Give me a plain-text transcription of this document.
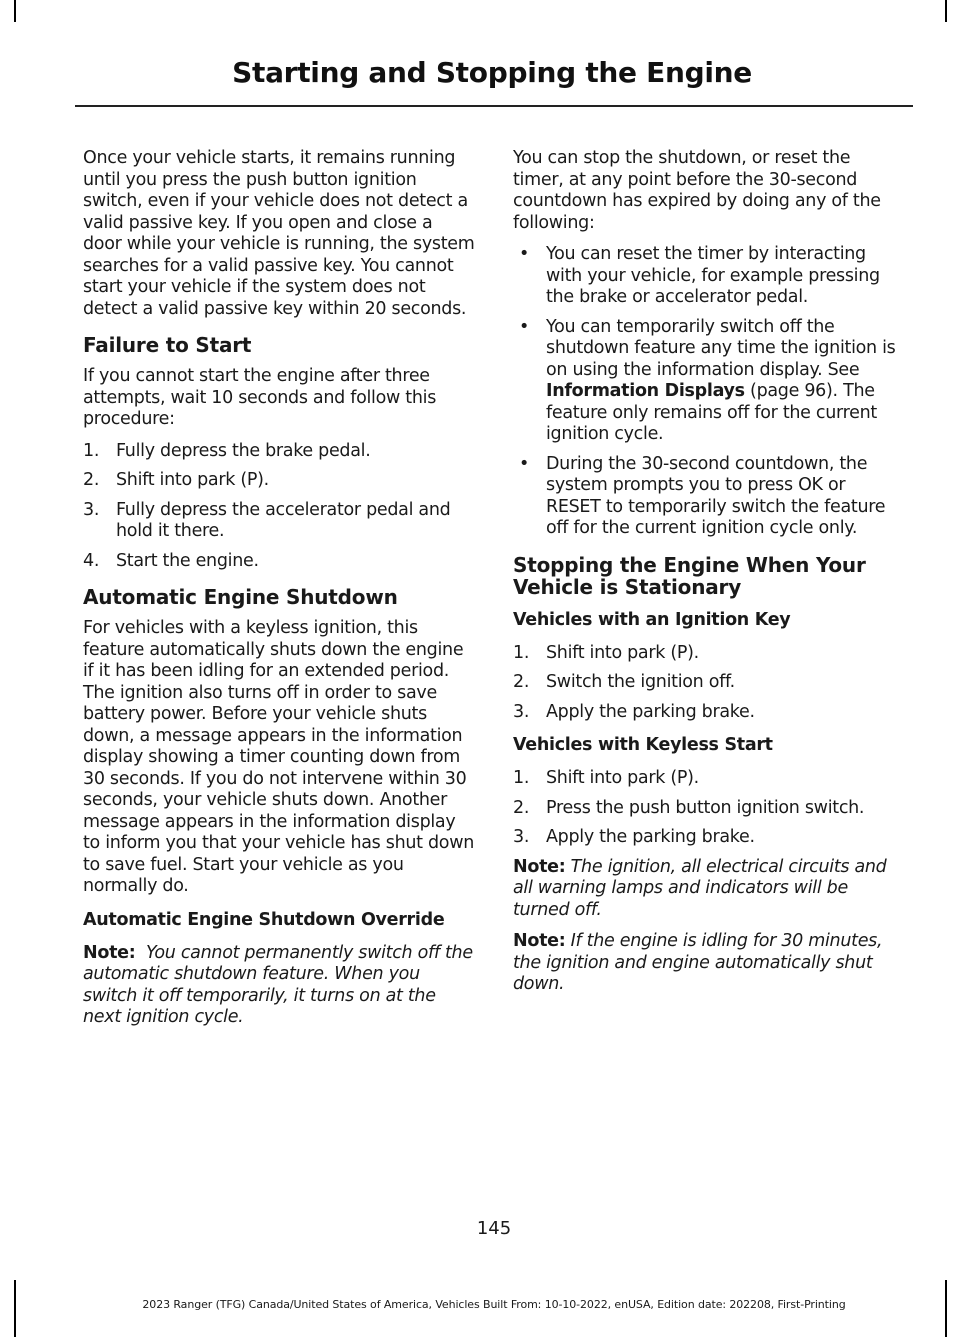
Starting and Stopping the Engine

Once your vehicle starts, it remains running until you press the push button ignition switch, even if your vehicle does not detect a valid passive key. If you open and close a door while your vehicle is running, the system searches for a valid passive key. You cannot start your vehicle if the system does not detect a valid passive key within 20 seconds.

Failure to Start

If you cannot start the engine after three attempts, wait 10 seconds and follow this procedure:

1. Fully depress the brake pedal.
2. Shift into park (P).
3. Fully depress the accelerator pedal and hold it there.
4. Start the engine.
Automatic Engine Shutdown

For vehicles with a keyless ignition, this feature automatically shuts down the engine if it has been idling for an extended period. The ignition also turns off in order to save battery power. Before your vehicle shuts down, a message appears in the information display showing a timer counting down from 30 seconds. If you do not intervene within 30 seconds, your vehicle shuts down. Another message appears in the information display to inform you that your vehicle has shut down to save fuel. Start your vehicle as you normally do.

Automatic Engine Shutdown Override

Note: You cannot permanently switch off the automatic shutdown feature. When you switch it off temporarily, it turns on at the next ignition cycle.

You can stop the shutdown, or reset the timer, at any point before the 30-second countdown has expired by doing any of the following:

• You can reset the timer by interacting with your vehicle, for example pressing the brake or accelerator pedal.
• You can temporarily switch off the shutdown feature any time the ignition is on using the information display. See Information Displays (page 96). The feature only remains off for the current ignition cycle.
• During the 30-second countdown, the system prompts you to press OK or RESET to temporarily switch the feature off for the current ignition cycle only.
Stopping the Engine When Your Vehicle is Stationary
Vehicles with an Ignition Key
1. Shift into park (P).
2. Switch the ignition off.
3. Apply the parking brake.
Vehicles with Keyless Start
1. Shift into park (P).
2. Press the push button ignition switch.
3. Apply the parking brake.

Note: The ignition, all electrical circuits and all warning lamps and indicators will be turned off.

Note: If the engine is idling for 30 minutes, the ignition and engine automatically shut down.

145
2023 Ranger (TFG) Canada/United States of America, Vehicles Built From: 10-10-2022, enUSA, Edition date: 202208, First-Printing
